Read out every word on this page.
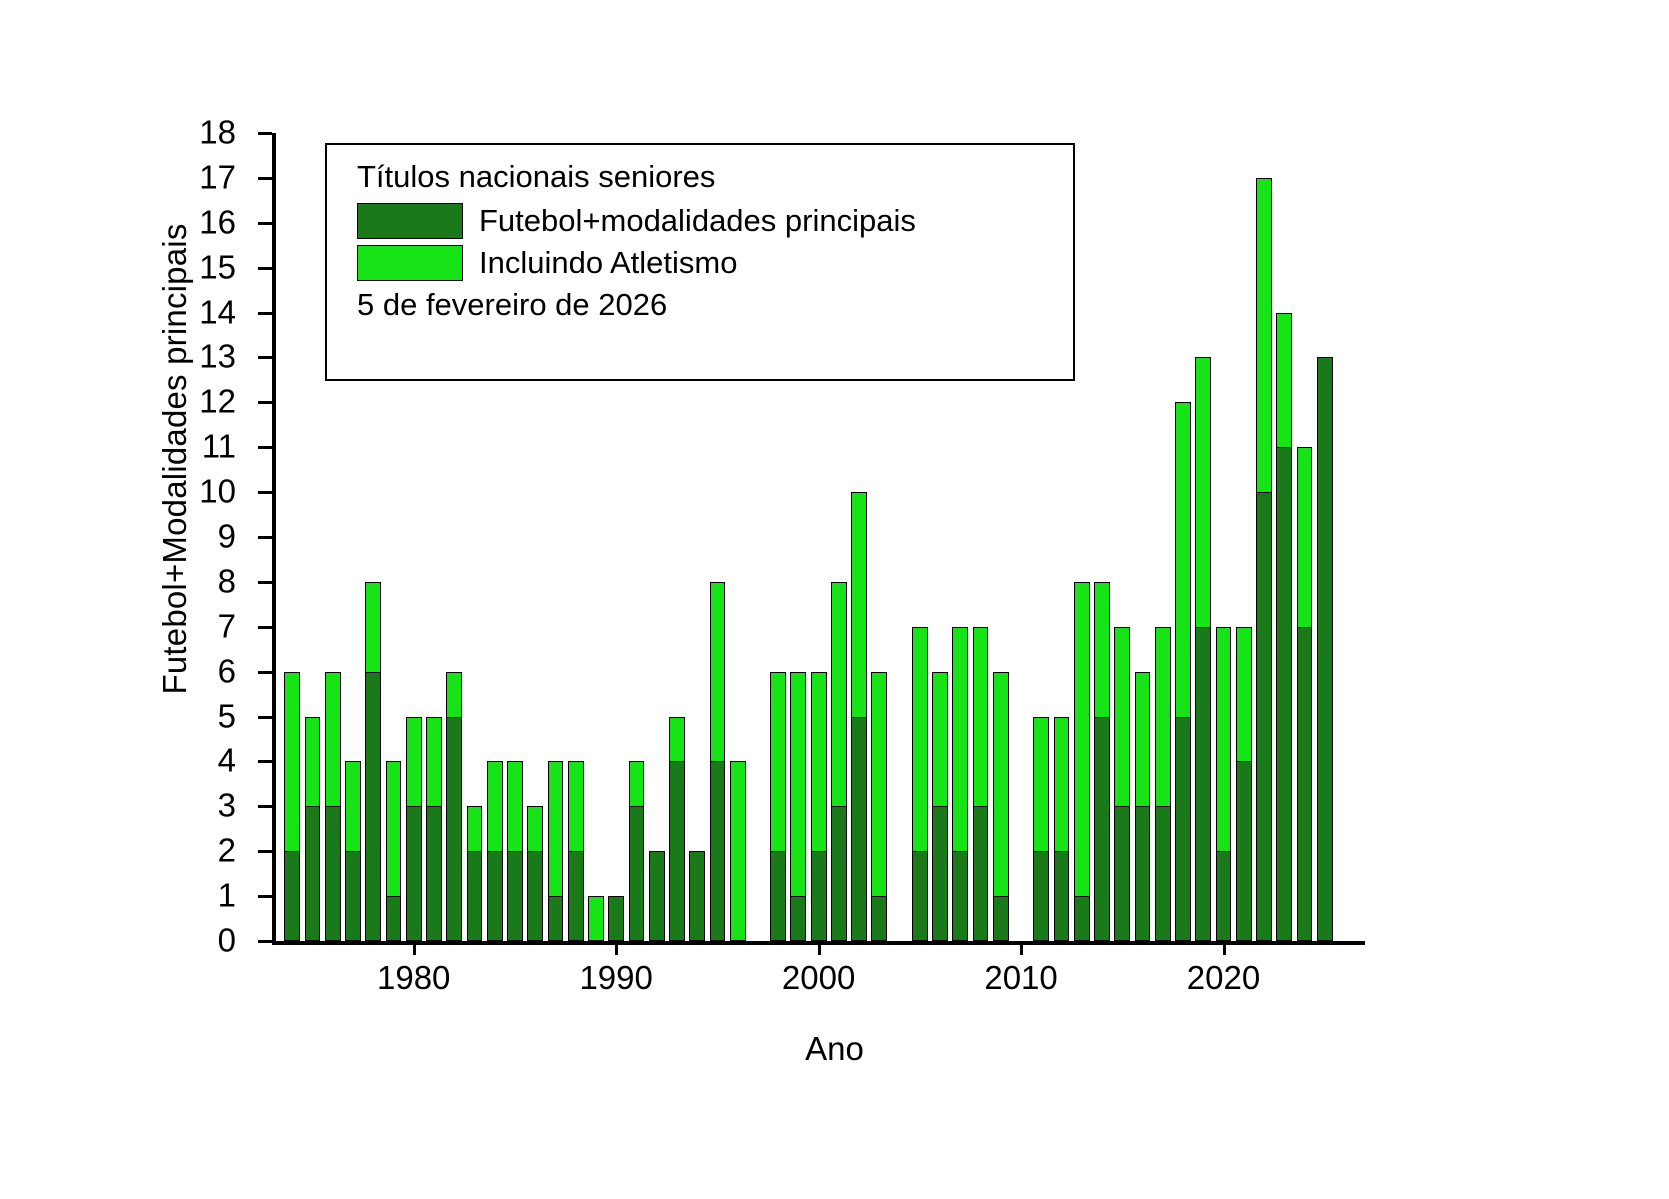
Futebol+Modalidades principais
Ano
0
1
2
3
4
5
6
7
8
9
10
11
12
13
14
15
16
17
18
1980	1990	2000	2010	2020
Títulos nacionais seniores
Futebol+modalidades principais
Incluindo Atletismo
5 de fevereiro de 2026
